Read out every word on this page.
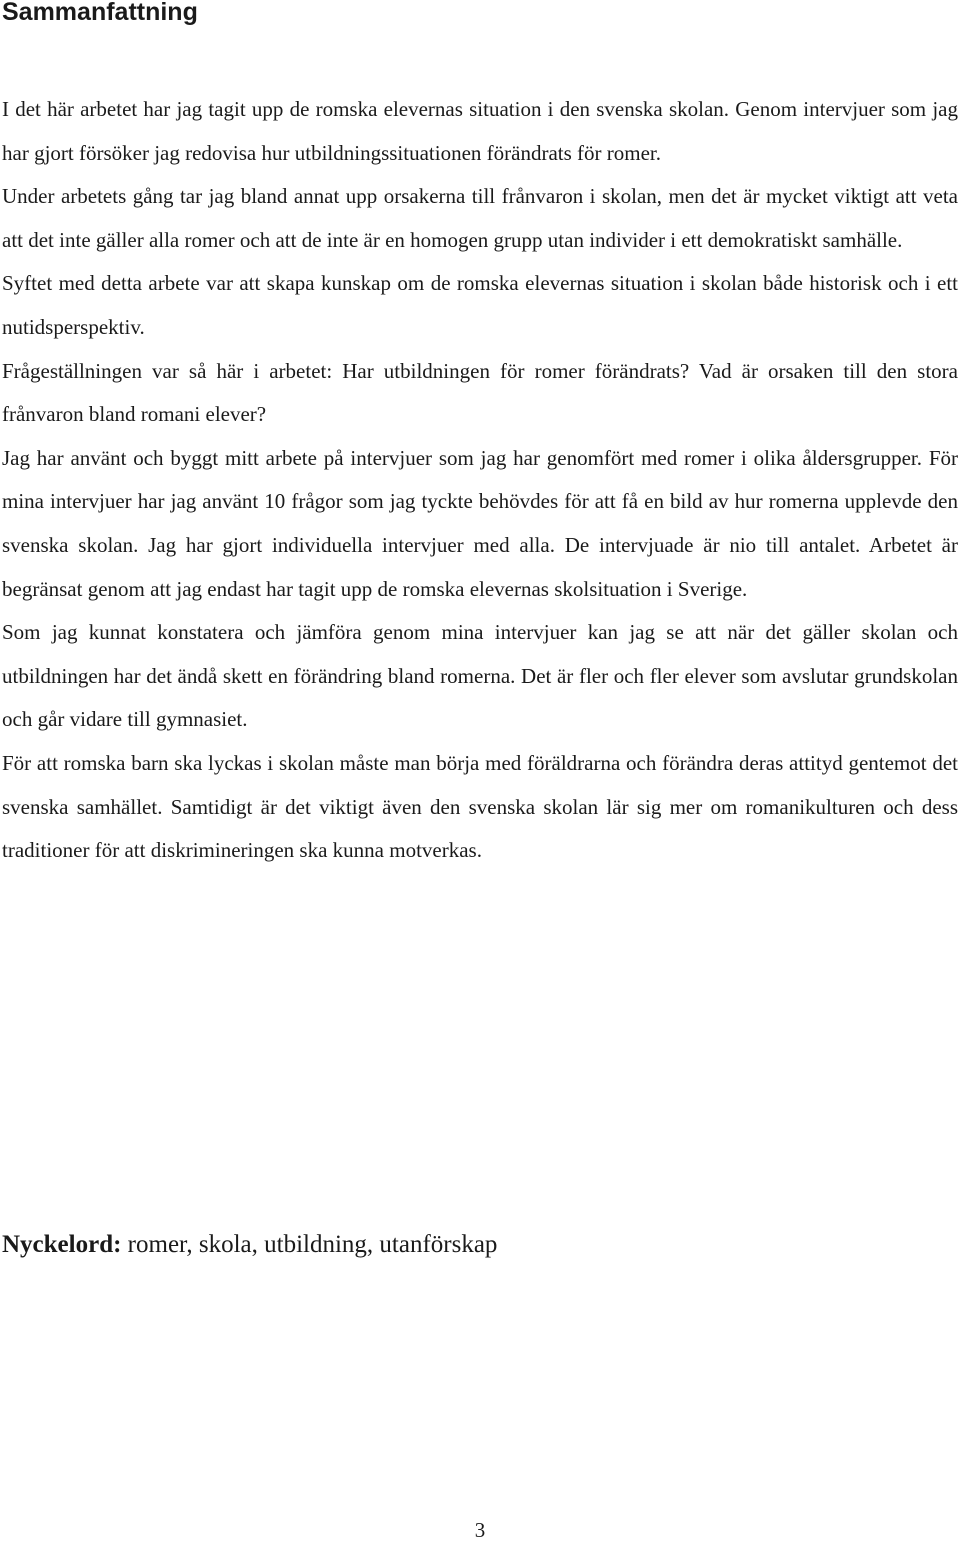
Sammanfattning

I det här arbetet har jag tagit upp de romska elevernas situation i den svenska skolan. Genom intervjuer som jag har gjort försöker jag redovisa hur utbildningssituationen förändrats för romer.

Under arbetets gång tar jag bland annat upp orsakerna till frånvaron i skolan, men det är mycket viktigt att veta att det inte gäller alla romer och att de inte är en homogen grupp utan individer i ett demokratiskt samhälle.

Syftet med detta arbete var att skapa kunskap om de romska elevernas situation i skolan både historisk och i ett nutidsperspektiv.

Frågeställningen var så här i arbetet: Har utbildningen för romer förändrats? Vad är orsaken till den stora frånvaron bland romani elever?

Jag har använt och byggt mitt arbete på intervjuer som jag har genomfört med romer i olika åldersgrupper. För mina intervjuer har jag använt 10 frågor som jag tyckte behövdes för att få en bild av hur romerna upplevde den svenska skolan. Jag har gjort individuella intervjuer med alla. De intervjuade är nio till antalet. Arbetet är begränsat genom att jag endast har tagit upp de romska elevernas skolsituation i Sverige.

Som jag kunnat konstatera och jämföra genom mina intervjuer kan jag se att när det gäller skolan och utbildningen har det ändå skett en förändring bland romerna. Det är fler och fler elever som avslutar grundskolan och går vidare till gymnasiet.

För att romska barn ska lyckas i skolan måste man börja med föräldrarna och förändra deras attityd gentemot det svenska samhället. Samtidigt är det viktigt även den svenska skolan lär sig mer om romanikulturen och dess traditioner för att diskrimineringen ska kunna motverkas.

Nyckelord: romer, skola, utbildning, utanförskap

3
